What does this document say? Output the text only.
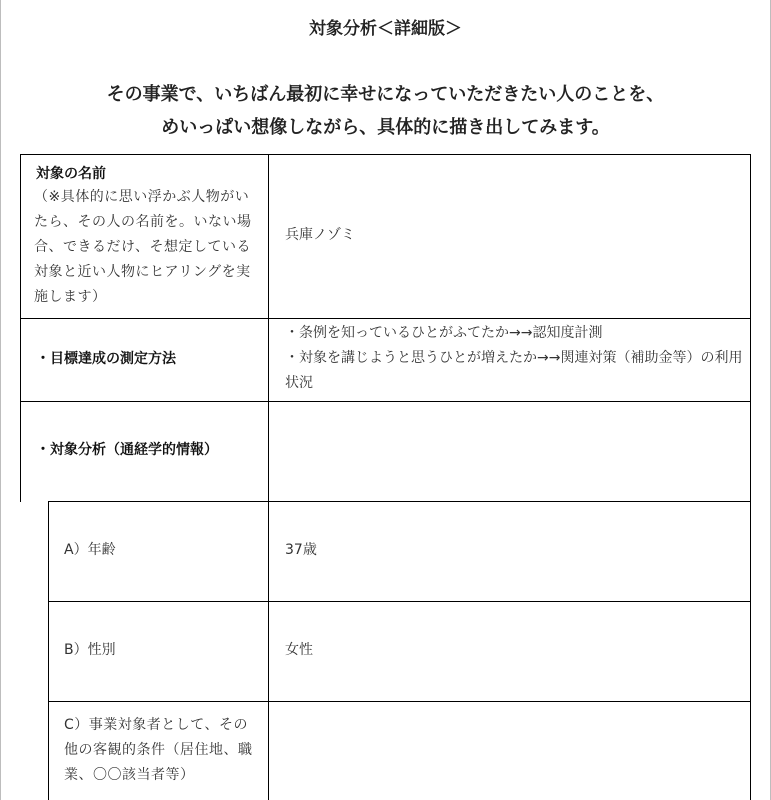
対象分析＜詳細版＞
その事業で、いちばん最初に幸せになっていただきたい人のことを、
めいっぱい想像しながら、具体的に描き出してみます。
対象の名前
（※具体的に思い浮かぶ人物がいたら、その人の名前を。いない場合、できるだけ、そ想定している対象と近い人物にヒアリングを実施します）
兵庫ノゾミ
・目標達成の測定方法
・条例を知っているひとがふてたか→→認知度計測
・対象を講じようと思うひとが増えたか→→関連対策（補助金等）の利用状況
・対象分析（通経学的情報）
A）年齢	37歳
B）性別	女性
C）事業対象者として、その他の客観的条件（居住地、職業、〇〇該当者等）
